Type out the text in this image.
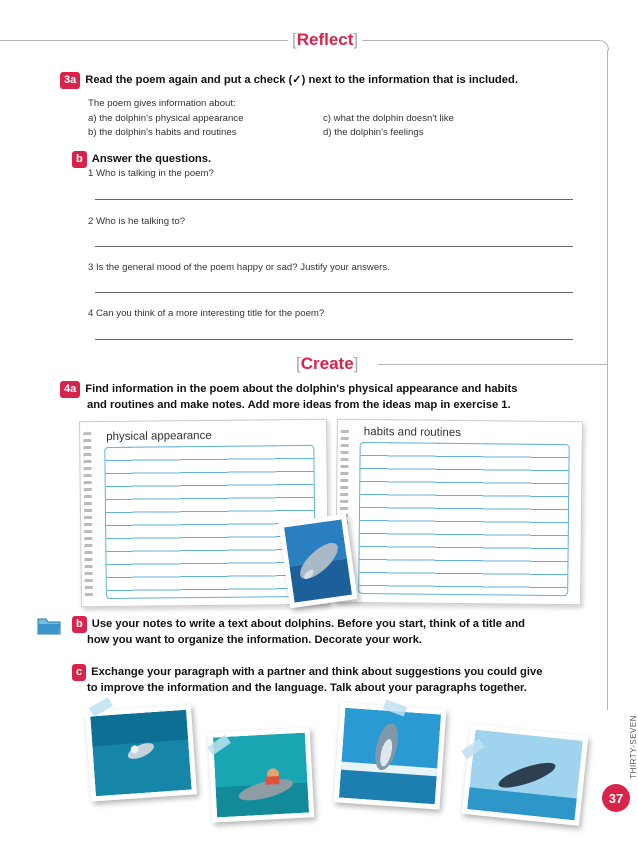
[Reflect]
3a Read the poem again and put a check (✓) next to the information that is included.
The poem gives information about:
a) the dolphin's physical appearance
b) the dolphin's habits and routines
c) what the dolphin doesn't like
d) the dolphin's feelings
b Answer the questions.
1 Who is talking in the poem?
2 Who is he talking to?
3 Is the general mood of the poem happy or sad? Justify your answers.
4 Can you think of a more interesting title for the poem?
[Create]
4a Find information in the poem about the dolphin's physical appearance and habits
and routines and make notes. Add more ideas from the ideas map in exercise 1.
physical appearance	habits and routines
b Use your notes to write a text about dolphins. Before you start, think of a title and
how you want to organize the information. Decorate your work.
c Exchange your paragraph with a partner and think about suggestions you could give
to improve the information and the language. Talk about your paragraphs together.
THIRTY-SEVEN
37
